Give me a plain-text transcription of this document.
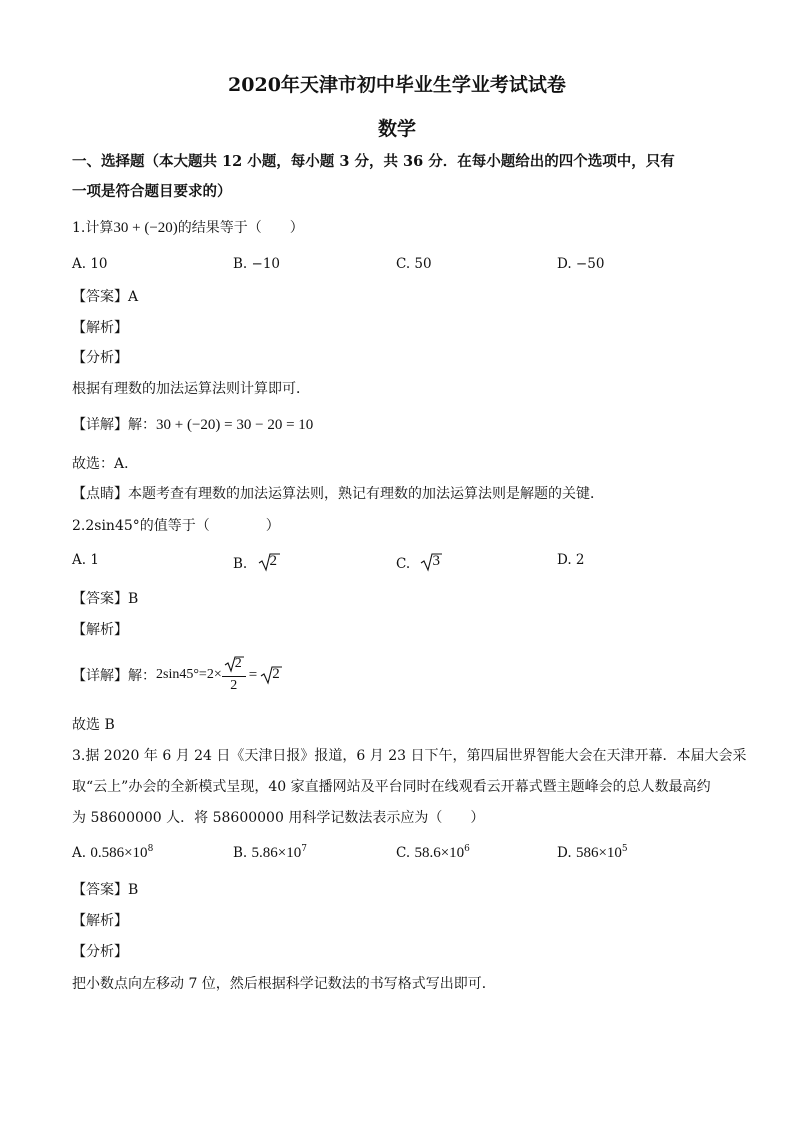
2020年天津市初中毕业生学业考试试卷
数学
一、选择题（本大题共 12 小题，每小题 3 分，共 36 分．在每小题给出的四个选项中，只有
一项是符合题目要求的）
1.计算30 + (−20)的结果等于（　　）
A. 10	B. −10	C. 50	D. −50
【答案】A
【解析】
【分析】
根据有理数的加法运算法则计算即可．
【详解】解：30 + (−20) = 30 − 20 = 10
故选：A．
【点睛】本题考查有理数的加法运算法则，熟记有理数的加法运算法则是解题的关键．
2.2sin45°的值等于（　　　　）
A. 1	B. 2	C. 3	D. 2
【答案】B
【解析】
【详解】解：$2\sin 45^\circ=2\times \frac{2}{2} = 2$
故选 B
3.据 2020 年 6 月 24 日《天津日报》报道，6 月 23 日下午，第四届世界智能大会在天津开幕．本届大会采
取“云上”办会的全新模式呈现，40 家直播网站及平台同时在线观看云开幕式暨主题峰会的总人数最高约
为 58600000 人．将 58600000 用科学记数法表示应为（　　）
A. $0.586\times 10^8$	B. $5.86\times 10^7$	C. $58.6\times 10^6$	D. $586\times 10^5$
【答案】B
【解析】
【分析】
把小数点向左移动 7 位，然后根据科学记数法的书写格式写出即可．
